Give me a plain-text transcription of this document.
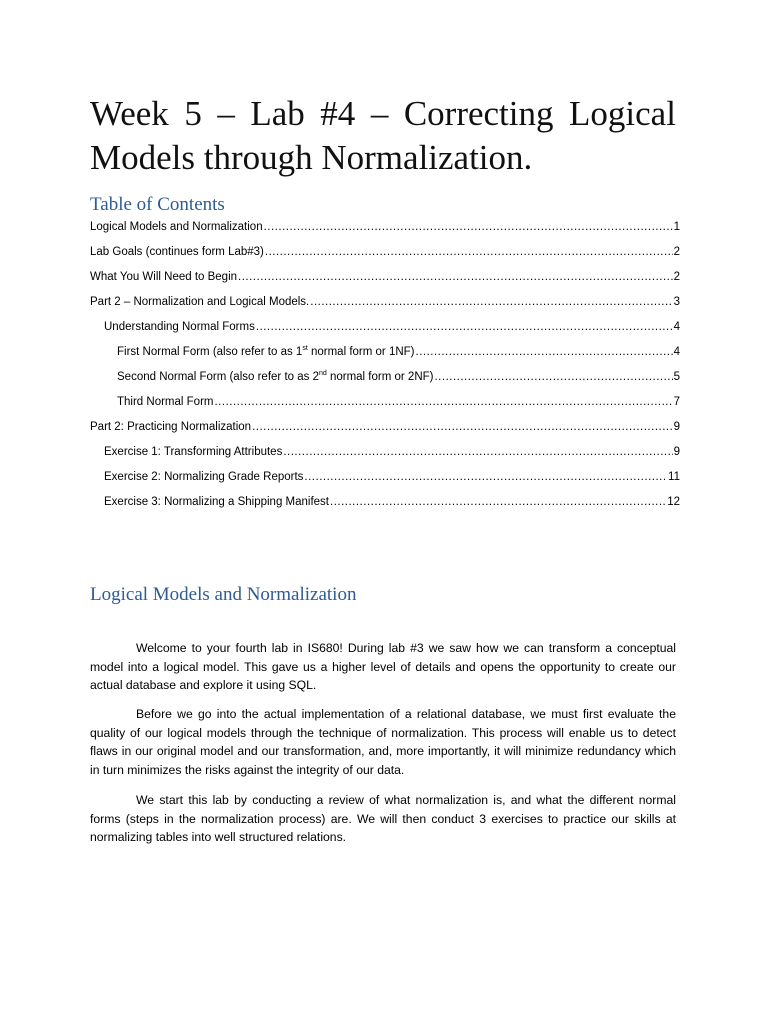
Week 5 – Lab #4 – Correcting Logical
Models through Normalization.
Table of Contents
Logical Models and Normalization .....	1
Lab Goals (continues form Lab#3) .....	2
What You Will Need to Begin .....	2
Part 2 – Normalization and Logical Models. .....	3
Understanding Normal Forms .....	4
First Normal Form (also refer to as 1st normal form or 1NF) .....	4
Second Normal Form (also refer to as 2nd normal form or 2NF) .....	5
Third Normal Form .....	7
Part 2: Practicing Normalization .....	9
Exercise 1: Transforming Attributes .....	9
Exercise 2: Normalizing Grade Reports .....	11
Exercise 3: Normalizing a Shipping Manifest .....	12
Logical Models and Normalization

Welcome to your fourth lab in IS680! During lab #3 we saw how we can transform a conceptual model into a logical model. This gave us a higher level of details and opens the opportunity to create our actual database and explore it using SQL.

Before we go into the actual implementation of a relational database, we must first evaluate the quality of our logical models through the technique of normalization. This process will enable us to detect flaws in our original model and our transformation, and, more importantly, it will minimize redundancy which in turn minimizes the risks against the integrity of our data.

We start this lab by conducting a review of what normalization is, and what the different normal forms (steps in the normalization process) are. We will then conduct 3 exercises to practice our skills at normalizing tables into well structured relations.
